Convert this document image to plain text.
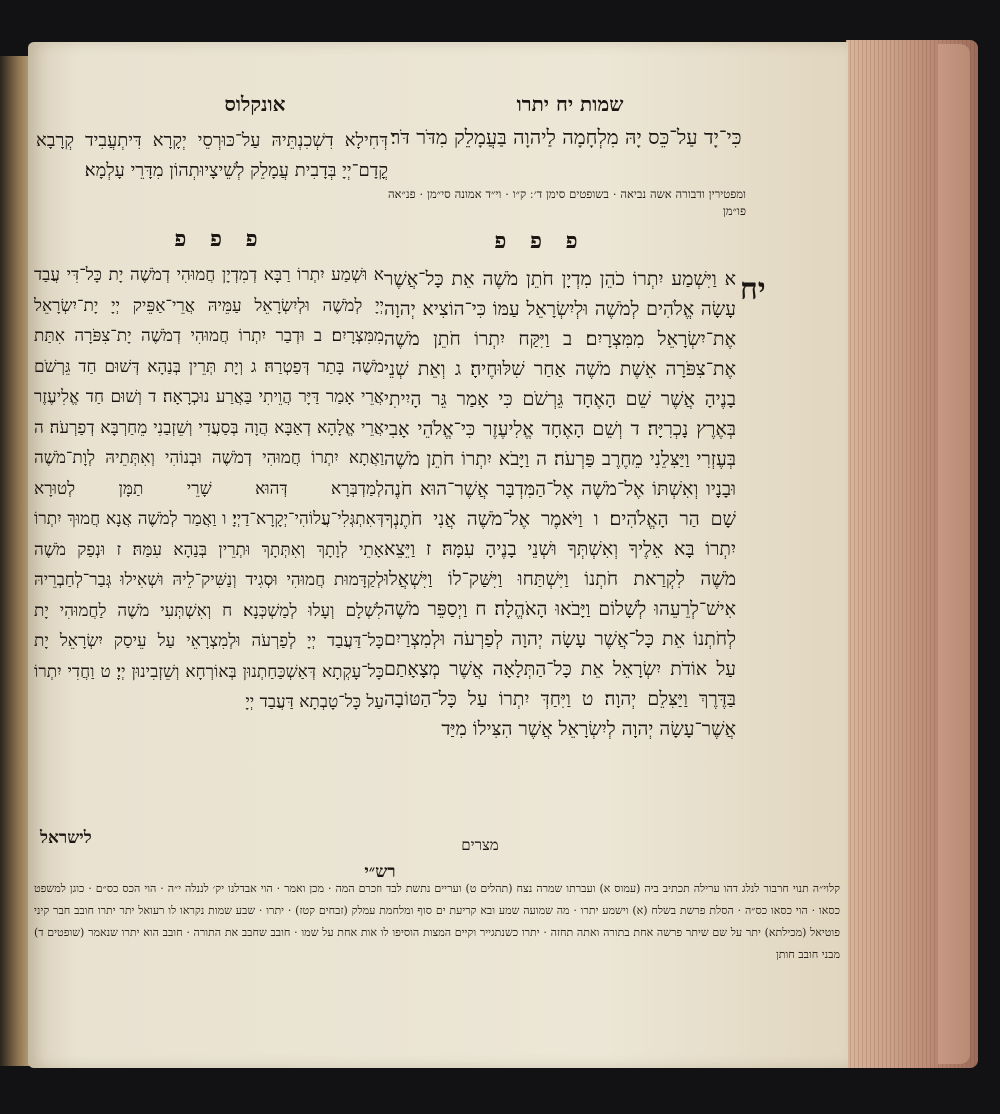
שמות יח יתרו
אונקלוס
כִּי־יָד עַל־כֵּס יָהּ מִלְחָמָה לַיהוָה בַּעֲמָלֵק מִדֹּר דֹּר׃
דְּחִילָא דִשְׁכִנְתֵּיהּ עַל־כּוּרְסֵי יְקָרָא דִּיתְעֲבִיד קְרָבָא קֳדָם־יְיָ בְּדָבִית עֲמָלֵק לְשֵׁיצָיוּתְהוֹן מִדָּרֵי עָלְמָא׃

ומפטירין ודבורה אשה נביאה · בשופטים סימן ד׳ ׃ ק״ו · וי״ד אמונה סי״מן · פנ״אה פו״מן

פ פ פ
פ פ פ
יח
א וַיִּשְׁמַע יִתְרוֹ כֹהֵן מִדְיָן חֹתֵן מֹשֶׁה אֵת כָּל־אֲשֶׁר עָשָׂה אֱלֹהִים לְמֹשֶׁה וּלְיִשְׂרָאֵל עַמּוֹ כִּי־הוֹצִיא יְהוָה אֶת־יִשְׂרָאֵל מִמִּצְרָיִם׃ ב וַיִּקַּח יִתְרוֹ חֹתֵן מֹשֶׁה אֶת־צִפֹּרָה אֵשֶׁת מֹשֶׁה אַחַר שִׁלּוּחֶיהָ׃ ג וְאֵת שְׁנֵי בָנֶיהָ אֲשֶׁר שֵׁם הָאֶחָד גֵּרְשֹׁם כִּי אָמַר גֵּר הָיִיתִי בְּאֶרֶץ נָכְרִיָּה׃ ד וְשֵׁם הָאֶחָד אֱלִיעֶזֶר כִּי־אֱלֹהֵי אָבִי בְּעֶזְרִי וַיַּצִּלֵנִי מֵחֶרֶב פַּרְעֹה׃ ה וַיָּבֹא יִתְרוֹ חֹתֵן מֹשֶׁה וּבָנָיו וְאִשְׁתּוֹ אֶל־מֹשֶׁה אֶל־הַמִּדְבָּר אֲשֶׁר־הוּא חֹנֶה שָׁם הַר הָאֱלֹהִים׃ ו וַיֹּאמֶר אֶל־מֹשֶׁה אֲנִי חֹתֶנְךָ יִתְרוֹ בָּא אֵלֶיךָ וְאִשְׁתְּךָ וּשְׁנֵי בָנֶיהָ עִמָּהּ׃ ז וַיֵּצֵא מֹשֶׁה לִקְרַאת חֹתְנוֹ וַיִּשְׁתַּחוּ וַיִּשַּׁק־לוֹ וַיִּשְׁאֲלוּ אִישׁ־לְרֵעֵהוּ לְשָׁלוֹם וַיָּבֹאוּ הָאֹהֱלָה׃ ח וַיְסַפֵּר מֹשֶׁה לְחֹתְנוֹ אֵת כָּל־אֲשֶׁר עָשָׂה יְהוָה לְפַרְעֹה וּלְמִצְרַיִם עַל אוֹדֹת יִשְׂרָאֵל אֵת כָּל־הַתְּלָאָה אֲשֶׁר מְצָאָתַם בַּדֶּרֶךְ וַיַּצִּלֵם יְהוָה׃ ט וַיִּחַדְּ יִתְרוֹ עַל כָּל־הַטּוֹבָה אֲשֶׁר־עָשָׂה יְהוָה לְיִשְׂרָאֵל אֲשֶׁר הִצִּילוֹ מִיַּד
א וּשְׁמַע יִתְרוֹ רַבָּא דְמִדְיָן חֲמוּהִי דְמֹשֶׁה יָת כָּל־דִּי עֲבַד יְיָ לְמֹשֶׁה וּלְיִשְׂרָאֵל עַמֵּיהּ אֲרֵי־אַפֵּיק יְיָ יָת־יִשְׂרָאֵל מִמִּצְרָיִם׃ ב וּדְבַר יִתְרוֹ חֲמוּהִי דְמֹשֶׁה יָת־צִפֹּרָה אִתַּת מֹשֶׁה בָּתַר דְּפַטְרַהּ׃ ג וְיָת תְּרֵין בְּנַהָא דְּשׁוּם חַד גֵּרְשֹׁם אֲרֵי אָמַר דַּיָּר הֲוֵיתִי בַּאֲרַע נוּכְרָאָה׃ ד וְשׁוּם חַד אֱלִיעֶזֶר אֲרֵי אֱלָהָא דְאַבָּא הֲוָה בְּסַעֲדִי וְשֵׁזְבַנִי מֵחַרְבָּא דְפַרְעֹה׃ ה וַאֲתָא יִתְרוֹ חֲמוּהִי דְמֹשֶׁה וּבְנוֹהִי וְאִתְּתֵיהּ לְוָת־מֹשֶׁה לְמַדְבְּרָא דְּהוּא שָׁרֵי תַמָּן לְטוּרָא דְּאִתְגְּלִי־עֲלוֹהִי־יְקָרָא־דַיְיָ׃ ו וַאֲמַר לְמֹשֶׁה אֲנָא חֲמוּךְ יִתְרוֹ אָתֵי לְוָתָךְ וְאִתְּתָךְ וּתְרֵין בְּנַהָא עִמַּהּ׃ ז וּנְפַק מֹשֶׁה לְקַדָּמוּת חֲמוּהִי וּסְגִיד וְנַשִּׁיק־לֵיהּ וּשְׁאִילוּ גְּבַר־לְחַבְרֵיהּ לִשְׁלָם וְעָלוּ לְמַשְׁכְּנָא׃ ח וְאִשְׁתְּעִי מֹשֶׁה לַחֲמוּהִי יָת כָּל־דַּעֲבַד יְיָ לְפַרְעֹה וּלְמִצְרָאֵי עַל עֵיסַק יִשְׂרָאֵל יָת כָּל־עָקְתָא דְּאַשְׁכַּחַתְנוּן בְּאוֹרְחָא וְשֵׁזְבִינוּן יְיָ׃ ט וַחֲדִי יִתְרוֹ עַל כָּל־טָבְתָא דַּעֲבַד יְיָ
מצרים
לישראל
רש״י
קלוי״ה תנוי חר‏בור לנלג דהו ערילה תכתיב ביה (עמוס א) ועברתו שמרה נצח (תהלים ט) ועריים נתשת לבד וזכרם המה · מכן ואמר · הוי אבדלנו יק׳ לננלה י״ה · הוי הכס כס״ם · כוגן למשפט כסאו · הוי כסאו כס״ה · הסלת פרשת בשלח (א) וישמע יתרו · מה שמועה שמע ובא קריעת ים סוף ומלחמת עמלק (זבחים קטז) · יתרו · שבע שמות נקראו לו רעואל יתר יתרו חובב חבר קיני פוטיאל (מכילתא) יתר על שם שיתר פרשה אחת בתורה ואתה תחזה · יתרו כשנתגייר וקיים המצות הוסיפו לו אות אחת על שמו · חובב שחבב את התורה · חובב הוא יתרו שנאמר (שופטים ד) מבני חובב חותן
